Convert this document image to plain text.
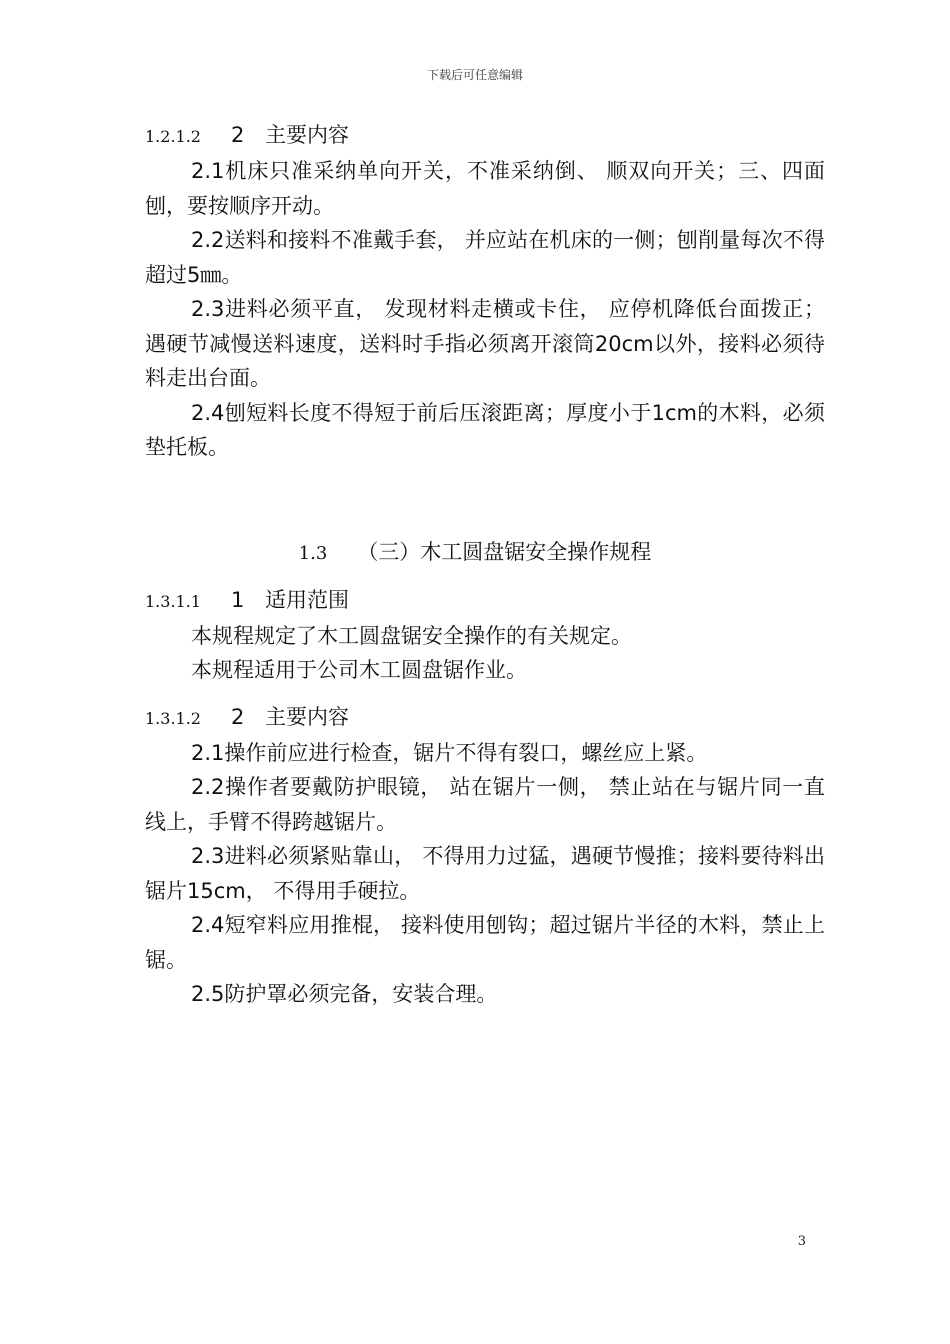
下载后可任意编辑
1.2.1.2 2 主要内容
2.1机床只准采纳单向开关，不准采纳倒、 顺双向开关；三、四面刨，要按顺序开动。
2.2送料和接料不准戴手套， 并应站在机床的一侧；刨削量每次不得超过5㎜。
2.3进料必须平直， 发现材料走横或卡住， 应停机降低台面拨正；遇硬节减慢送料速度，送料时手指必须离开滚筒20cm以外，接料必须待料走出台面。
2.4刨短料长度不得短于前后压滚距离；厚度小于1cm的木料，必须垫托板。
1.3 （三）木工圆盘锯安全操作规程
1.3.1.1 1 适用范围
本规程规定了木工圆盘锯安全操作的有关规定。
本规程适用于公司木工圆盘锯作业。
1.3.1.2 2 主要内容
2.1操作前应进行检查，锯片不得有裂口，螺丝应上紧。
2.2操作者要戴防护眼镜， 站在锯片一侧， 禁止站在与锯片同一直线上，手臂不得跨越锯片。
2.3进料必须紧贴靠山， 不得用力过猛，遇硬节慢推；接料要待料出锯片15cm， 不得用手硬拉。
2.4短窄料应用推棍， 接料使用刨钩；超过锯片半径的木料，禁止上锯。
2.5防护罩必须完备，安装合理。
3
